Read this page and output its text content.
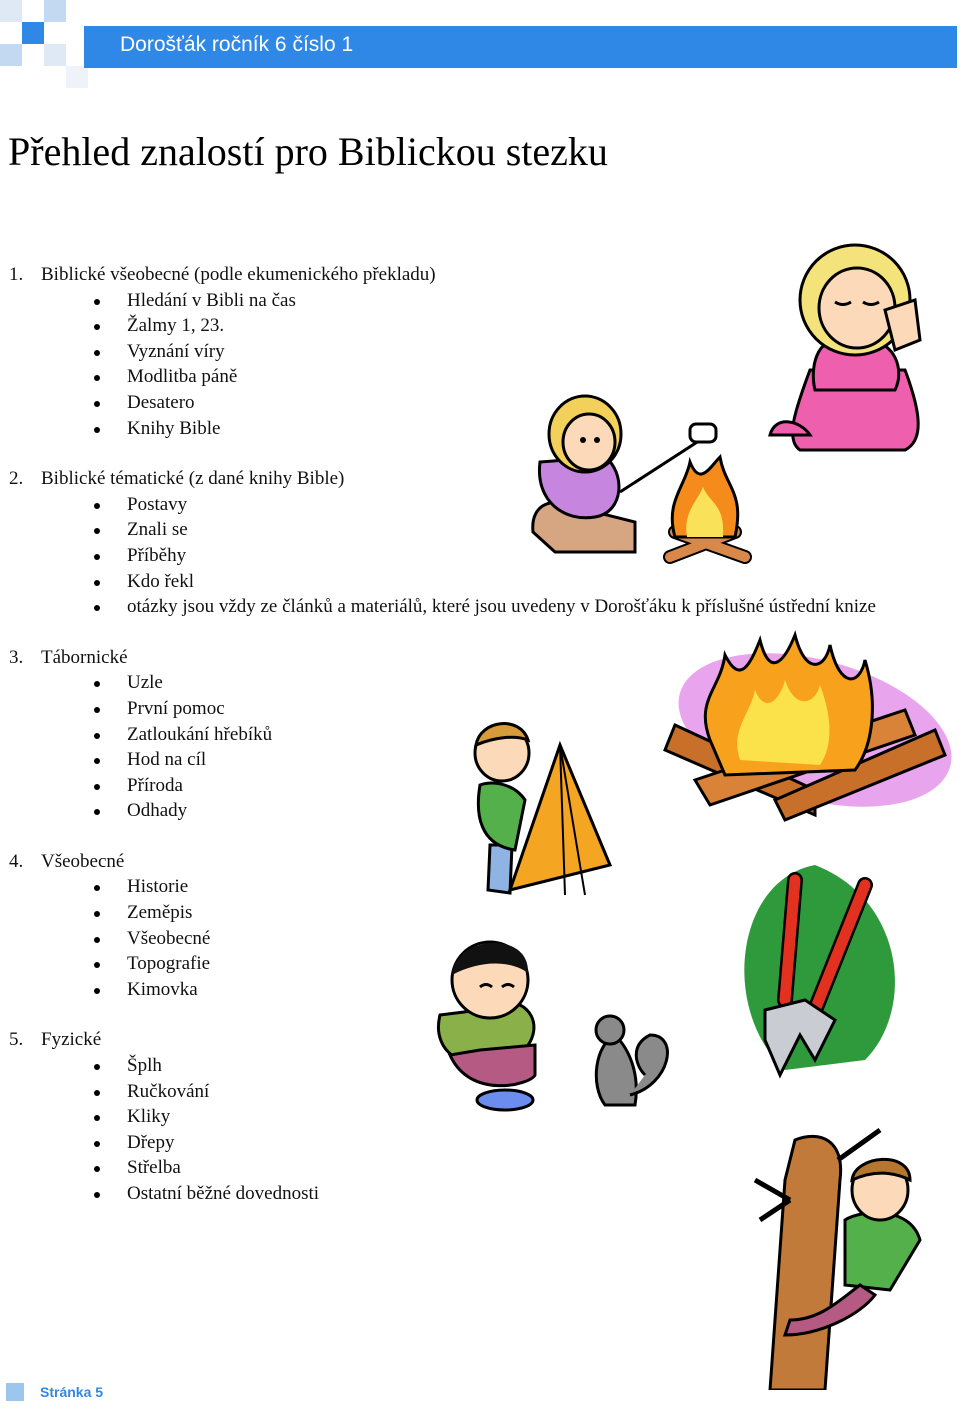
Dorošťák ročník 6 číslo 1
Přehled znalostí pro Biblickou stezku
1. Biblické všeobecné (podle ekumenického překladu)
Hledání v Bibli na čas
Žalmy 1, 23.
Vyznání víry
Modlitba páně
Desatero
Knihy Bible
2. Biblické tématické (z dané knihy Bible)
Postavy
Znali se
Příběhy
Kdo řekl
otázky jsou vždy ze článků a materiálů, které jsou uvedeny v Dorošťáku k příslušné ústřední knize
3. Tábornické
Uzle
První pomoc
Zatloukání hřebíků
Hod na cíl
Příroda
Odhady
4. Všeobecné
Historie
Zeměpis
Všeobecné
Topografie
Kimovka
5. Fyzické
Šplh
Ručkování
Kliky
Dřepy
Střelba
Ostatní běžné dovednosti
Stránka 5
